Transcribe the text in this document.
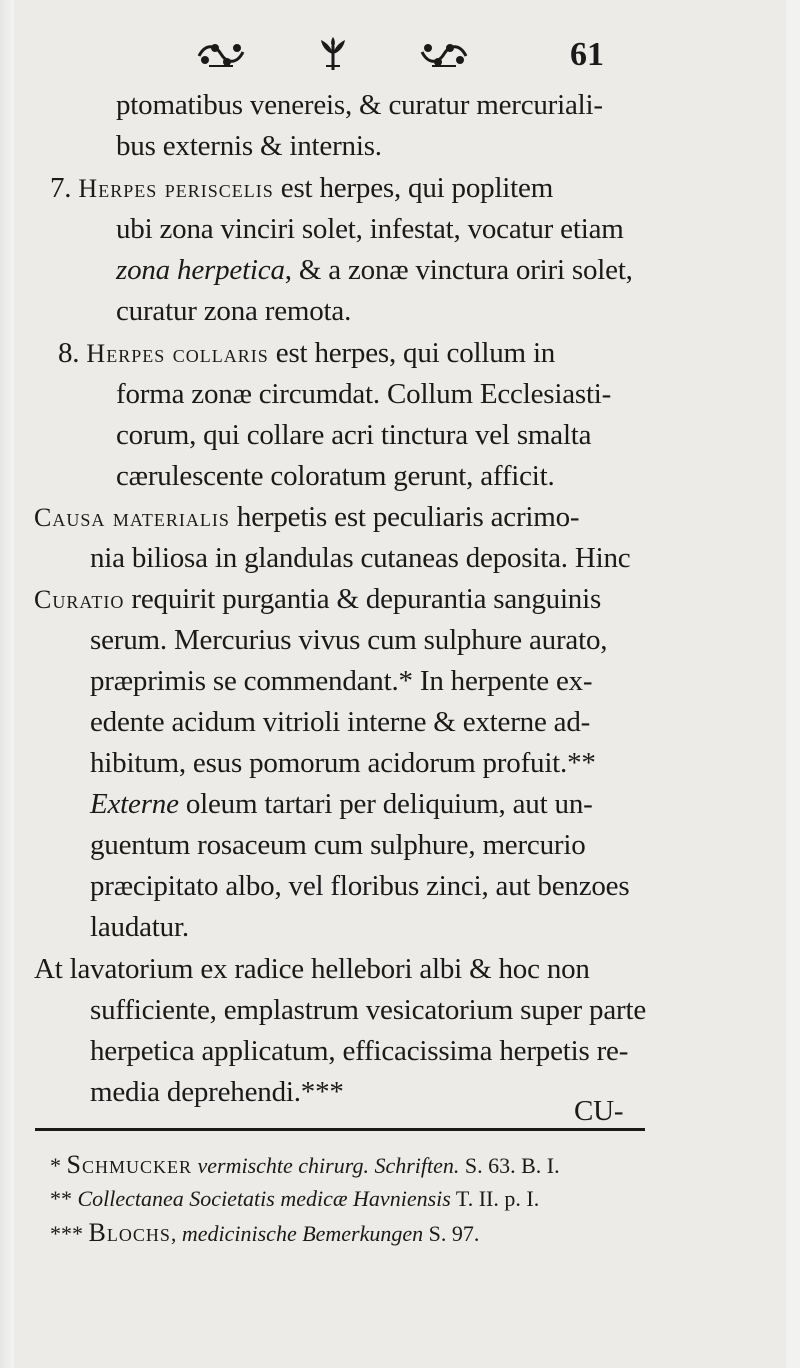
61
ptomatibus venereis, & curatur mercuriali-
bus externis & internis.
7. Herpes periscelis est herpes, qui poplitem
ubi zona vinciri solet, infestat, vocatur etiam
zona herpetica, & a zonæ vinctura oriri solet,
curatur zona remota.
8. Herpes collaris est herpes, qui collum in
forma zonæ circumdat. Collum Ecclesiasti-
corum, qui collare acri tinctura vel smalta
cærulescente coloratum gerunt, afficit.
Causa materialis herpetis est peculiaris acrimo-
nia biliosa in glandulas cutaneas deposita. Hinc
Curatio requirit purgantia & depurantia sanguinis
serum. Mercurius vivus cum sulphure aurato,
præprimis se commendant.* In herpente ex-
edente acidum vitrioli interne & externe ad-
hibitum, esus pomorum acidorum profuit.**
Externe oleum tartari per deliquium, aut un-
guentum rosaceum cum sulphure, mercurio
præcipitato albo, vel floribus zinci, aut benzoes
laudatur.
At lavatorium ex radice hellebori albi & hoc non
sufficiente, emplastrum vesicatorium super parte
herpetica applicatum, efficacissima herpetis re-
media deprehendi.***
CU-
* Schmucker vermischte chirurg. Schriften. S. 63. B. I.
** Collectanea Societatis medicæ Havniensis T. II. p. I.
*** Blochs, medicinische Bemerkungen S. 97.
